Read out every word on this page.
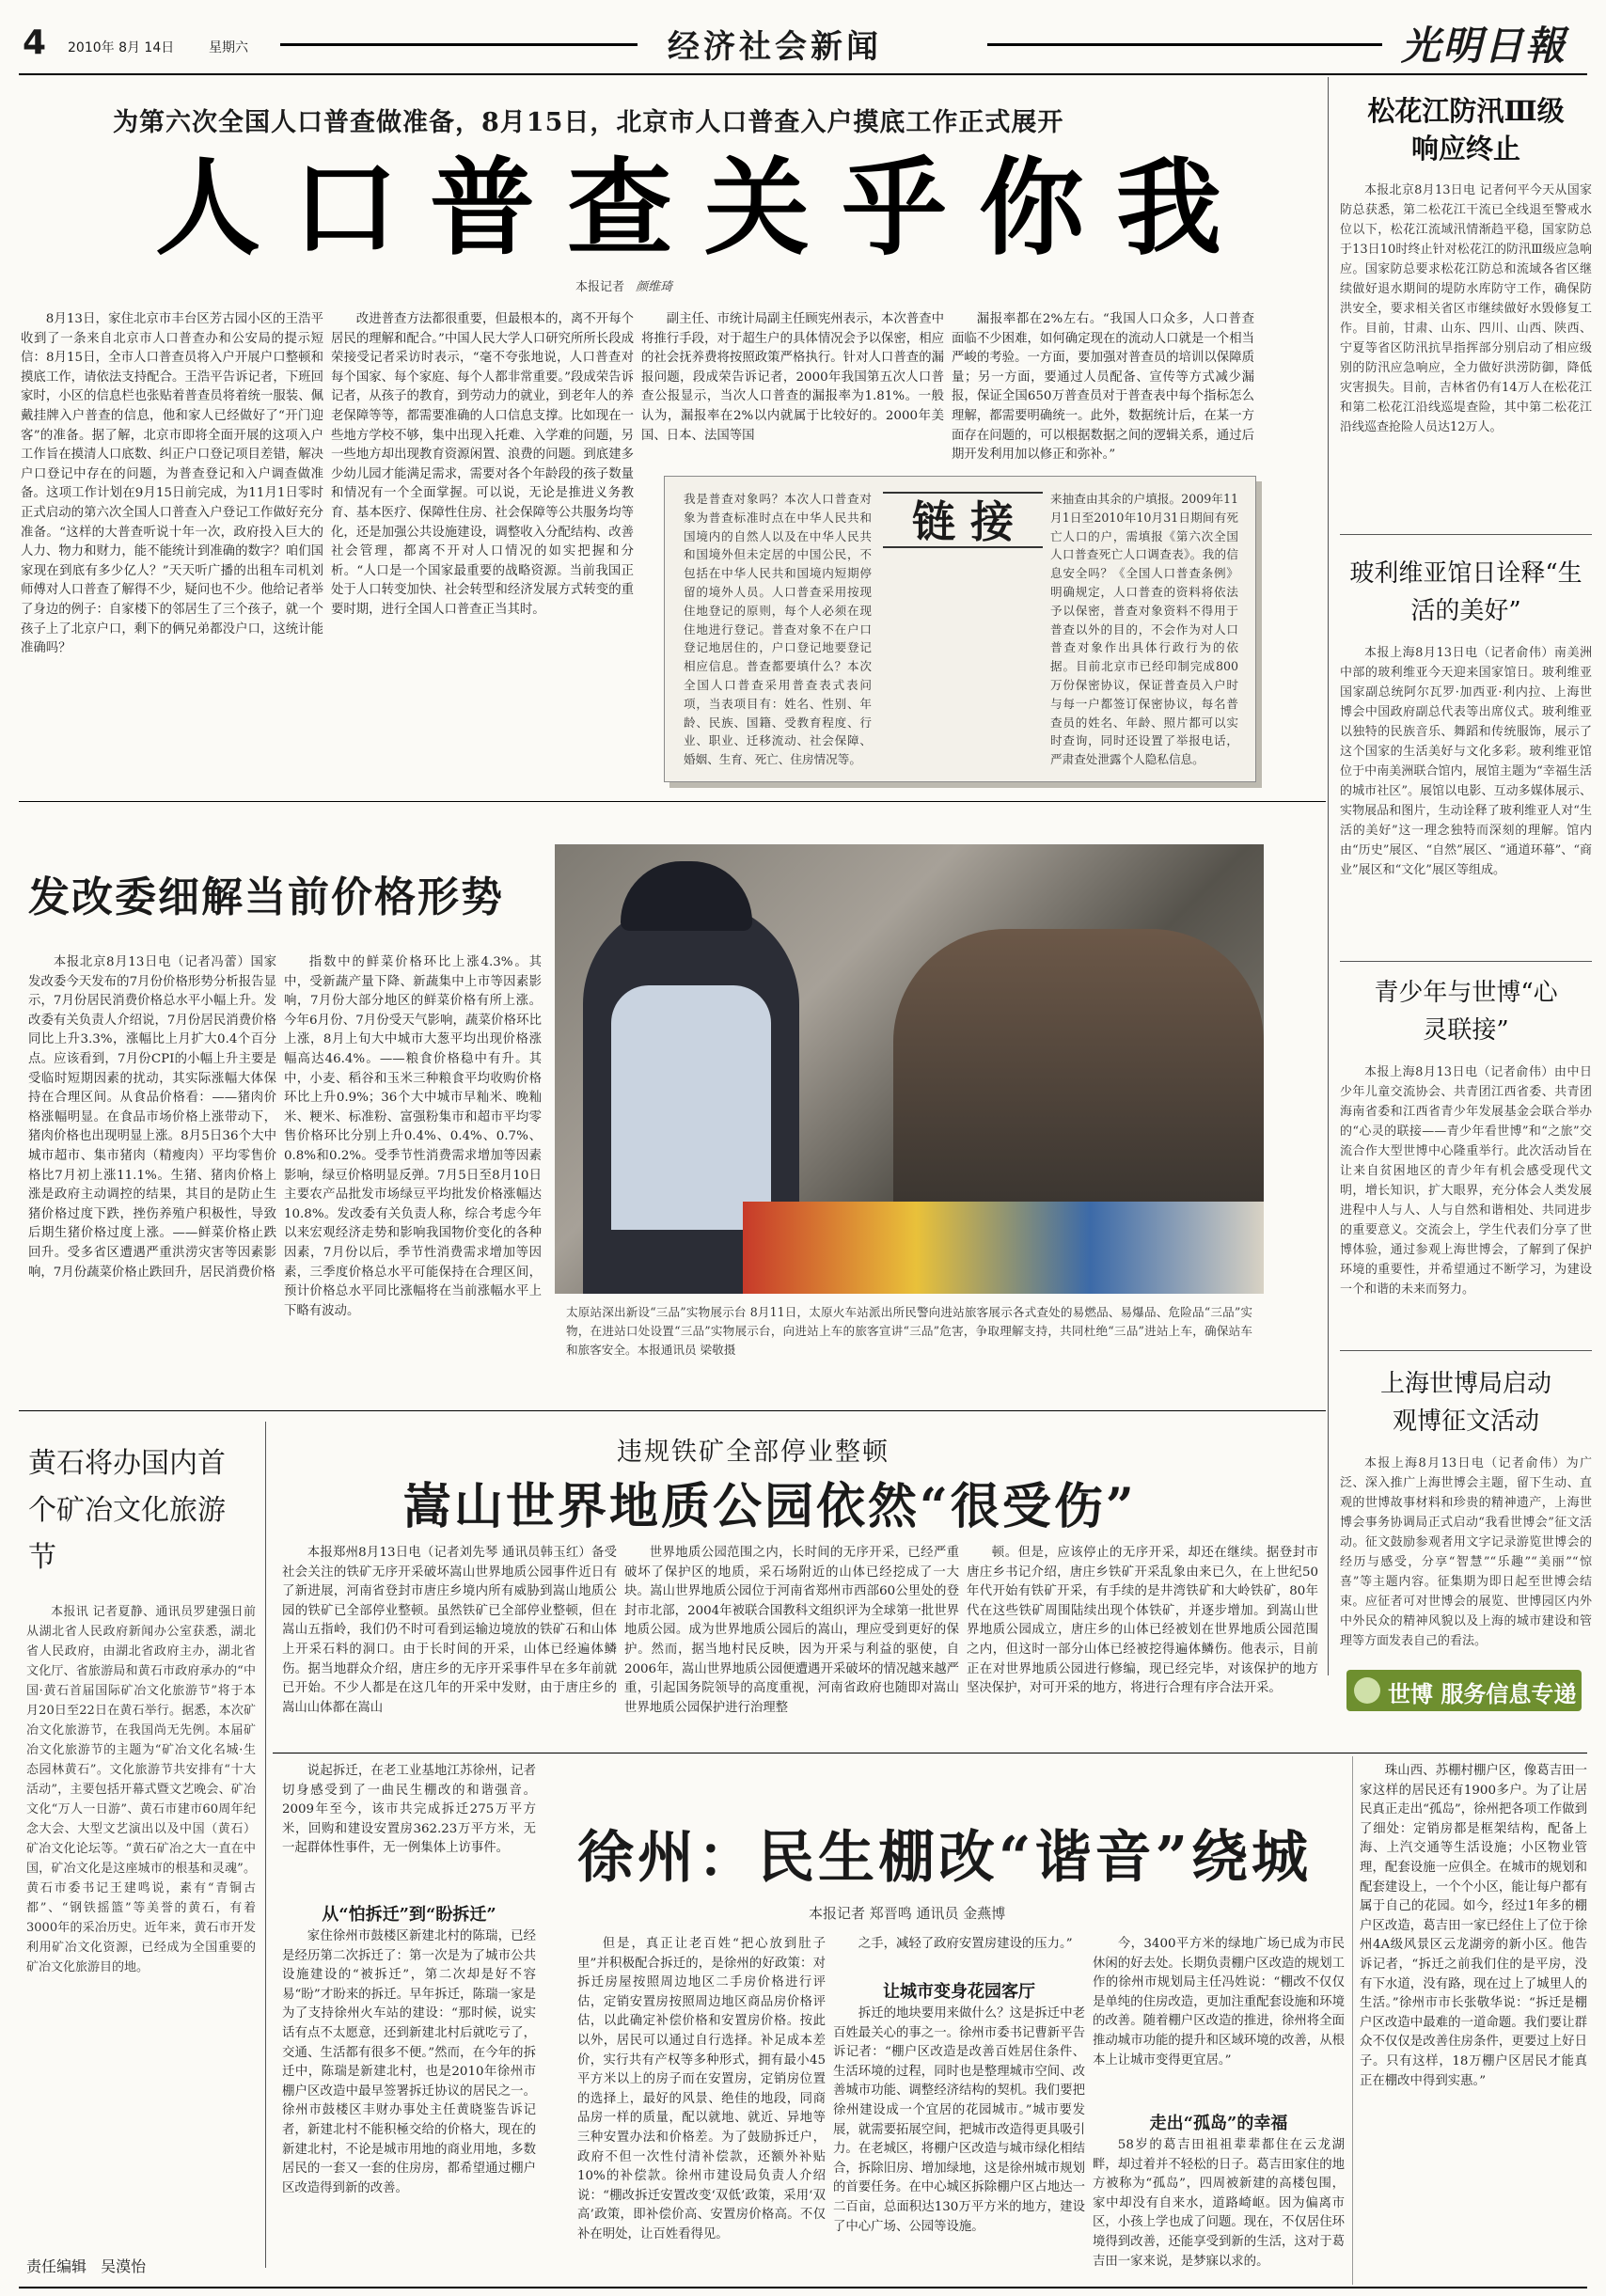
4 2010年 8月 14日	星期六	经济社会新闻	光明日報
为第六次全国人口普查做准备，8月15日，北京市人口普查入户摸底工作正式展开
人口普查关乎你我
本报记者 颜维琦
8月13日，家住北京市丰台区芳古园小区的王浩平收到了一条来自北京市人口普查办和公安局的提示短信：8月15日，全市人口普查员将入户开展户口整顿和摸底工作，请依法支持配合。王浩平告诉记者，下班回家时，小区的信息栏也张贴着普查员将着统一服装、佩戴挂牌入户普查的信息，他和家人已经做好了“开门迎客”的准备。据了解，北京市即将全面开展的这项入户工作旨在摸清人口底数、纠正户口登记项目差错，解决户口登记中存在的问题，为普查登记和入户调查做准备。这项工作计划在9月15日前完成，为11月1日零时正式启动的第六次全国人口普查入户登记工作做好充分准备。“这样的大普查听说十年一次，政府投入巨大的人力、物力和财力，能不能统计到准确的数字？咱们国家现在到底有多少亿人？”天天听广播的出租车司机刘师傅对人口普查了解得不少，疑问也不少。他给记者举了身边的例子：自家楼下的邻居生了三个孩子，就一个孩子上了北京户口，剩下的俩兄弟都没户口，这统计能准确吗？
改进普查方法都很重要，但最根本的，离不开每个居民的理解和配合。”中国人民大学人口研究所所长段成荣接受记者采访时表示，“毫不夸张地说，人口普查对每个国家、每个家庭、每个人都非常重要。”段成荣告诉记者，从孩子的教育，到劳动力的就业，到老年人的养老保障等等，都需要准确的人口信息支撑。比如现在一些地方学校不够，集中出现入托难、入学难的问题，另一些地方却出现教育资源闲置、浪费的问题。到底建多少幼儿园才能满足需求，需要对各个年龄段的孩子数量和情况有一个全面掌握。可以说，无论是推进义务教育、基本医疗、保障性住房、社会保障等公共服务均等化，还是加强公共设施建设，调整收入分配结构、改善社会管理，都离不开对人口情况的如实把握和分析。“人口是一个国家最重要的战略资源。当前我国正处于人口转变加快、社会转型和经济发展方式转变的重要时期，进行全国人口普查正当其时。
副主任、市统计局副主任顾宪州表示，本次普查中将推行手段，对于超生户的具体情况会予以保密，相应的社会抚养费将按照政策严格执行。针对人口普查的漏报问题，段成荣告诉记者，2000年我国第五次人口普查公报显示，当次人口普查的漏报率为1.81%。一般认为，漏报率在2%以内就属于比较好的。2000年美国、日本、法国等国
漏报率都在2%左右。“我国人口众多，人口普查面临不少困难，如何确定现在的流动人口就是一个相当严峻的考验。一方面，要加强对普查员的培训以保障质量；另一方面，要通过人员配备、宣传等方式减少漏报，保证全国650万普查员对于普查表中每个指标怎么理解，都需要明确统一。此外，数据统计后，在某一方面存在问题的，可以根据数据之间的逻辑关系，通过后期开发利用加以修正和弥补。”
链 接
我是普查对象吗？本次人口普查对象为普查标准时点在中华人民共和国境内的自然人以及在中华人民共和国境外但未定居的中国公民，不包括在中华人民共和国境内短期停留的境外人员。人口普查采用按现住地登记的原则，每个人必须在现住地进行登记。普查对象不在户口登记地居住的，户口登记地要登记相应信息。普查都要填什么？本次全国人口普查采用普查表式表问项，当表项目有：姓名、性别、年龄、民族、国籍、受教育程度、行业、职业、迁移流动、社会保障、婚姻、生育、死亡、住房情况等。
来抽查由其余的户填报。2009年11月1日至2010年10月31日期间有死亡人口的户，需填报《第六次全国人口普查死亡人口调查表》。我的信息安全吗？《全国人口普查条例》明确规定，人口普查的资料将依法予以保密，普查对象资料不得用于普查以外的目的，不会作为对人口普查对象作出具体行政行为的依据。目前北京市已经印制完成800万份保密协议，保证普查员入户时与每一户都签订保密协议，每名普查员的姓名、年龄、照片都可以实时查询，同时还设置了举报电话，严肃查处泄露个人隐私信息。
松花江防汛Ⅲ级响应终止
本报北京8月13日电 记者何平今天从国家防总获悉，第二松花江干流已全线退至警戒水位以下，松花江流域汛情渐趋平稳，国家防总于13日10时终止针对松花江的防汛Ⅲ级应急响应。国家防总要求松花江防总和流域各省区继续做好退水期间的堤防水库防守工作，确保防洪安全，要求相关省区市继续做好水毁修复工作。目前，甘肃、山东、四川、山西、陕西、宁夏等省区防汛抗旱指挥部分别启动了相应级别的防汛应急响应，全力做好洪涝防御，降低灾害损失。目前，吉林省仍有14万人在松花江和第二松花江沿线巡堤查险，其中第二松花江沿线巡查抢险人员达12万人。
玻利维亚馆日诠释“生活的美好”
本报上海8月13日电（记者俞伟）南美洲中部的玻利维亚今天迎来国家馆日。玻利维亚国家副总统阿尔瓦罗·加西亚·利内拉、上海世博会中国政府副总代表等出席仪式。玻利维亚以独特的民族音乐、舞蹈和传统服饰，展示了这个国家的生活美好与文化多彩。玻利维亚馆位于中南美洲联合馆内，展馆主题为“幸福生活的城市社区”。展馆以电影、互动多媒体展示、实物展品和图片，生动诠释了玻利维亚人对“生活的美好”这一理念独特而深刻的理解。馆内由“历史”展区、“自然”展区、“通道环幕”、“商业”展区和“文化”展区等组成。
青少年与世博“心灵联接”
本报上海8月13日电（记者俞伟）由中日少年儿童交流协会、共青团江西省委、共青团海南省委和江西省青少年发展基金会联合举办的“心灵的联接——青少年看世博”和“之旅”交流合作大型世博中心隆重举行。此次活动旨在让来自贫困地区的青少年有机会感受现代文明，增长知识，扩大眼界，充分体会人类发展进程中人与人、人与自然和谐相处、共同进步的重要意义。交流会上，学生代表们分享了世博体验，通过参观上海世博会，了解到了保护环境的重要性，并希望通过不断学习，为建设一个和谐的未来而努力。
上海世博局启动观博征文活动
本报上海8月13日电（记者俞伟）为广泛、深入推广上海世博会主题，留下生动、直观的世博故事材料和珍贵的精神遗产，上海世博会事务协调局正式启动“我看世博会”征文活动。征文鼓励参观者用文字记录游览世博会的经历与感受，分享“智慧”“乐趣”“美丽”“惊喜”等主题内容。征集期为即日起至世博会结束。应征者可对世博会的展览、世博园区内外中外民众的精神风貌以及上海的城市建设和管理等方面发表自己的看法。
世博 服务信息专递
发改委细解当前价格形势
本报北京8月13日电（记者冯蕾）国家发改委今天发布的7月份价格形势分析报告显示，7月份居民消费价格总水平小幅上升。发改委有关负责人介绍说，7月份居民消费价格同比上升3.3%，涨幅比上月扩大0.4个百分点。应该看到，7月份CPI的小幅上升主要是受临时短期因素的扰动，其实际涨幅大体保持在合理区间。从食品价格看：——猪肉价格涨幅明显。在食品市场价格上涨带动下，猪肉价格也出现明显上涨。8月5日36个大中城市超市、集市猪肉（精瘦肉）平均零售价格比7月初上涨11.1%。生猪、猪肉价格上涨是政府主动调控的结果，其目的是防止生猪价格过度下跌，挫伤养殖户积极性，导致后期生猪价格过度上涨。——鲜菜价格止跌回升。受多省区遭遇严重洪涝灾害等因素影响，7月份蔬菜价格止跌回升，居民消费价格
指数中的鲜菜价格环比上涨4.3%。其中，受新蔬产量下降、新蔬集中上市等因素影响，7月份大部分地区的鲜菜价格有所上涨。今年6月份、7月份受天气影响，蔬菜价格环比上涨，8月上旬大中城市大葱平均出现价格涨幅高达46.4%。——粮食价格稳中有升。其中，小麦、稻谷和玉米三种粮食平均收购价格环比上升0.9%；36个大中城市早籼米、晚籼米、粳米、标准粉、富强粉集市和超市平均零售价格环比分别上升0.4%、0.4%、0.7%、0.8%和0.2%。受季节性消费需求增加等因素影响，绿豆价格明显反弹。7月5日至8月10日主要农产品批发市场绿豆平均批发价格涨幅达10.8%。发改委有关负责人称，综合考虑今年以来宏观经济走势和影响我国物价变化的各种因素，7月份以后，季节性消费需求增加等因素，三季度价格总水平可能保持在合理区间，预计价格总水平同比涨幅将在当前涨幅水平上下略有波动。	太原站深出新设“三品”实物展示台 8月11日，太原火车站派出所民警向进站旅客展示各式查处的易燃品、易爆品、危险品“三品”实物，在进站口处设置“三品”实物展示台，向进站上车的旅客宣讲“三品”危害，争取理解支持，共同杜绝“三品”进站上车，确保站车和旅客安全。本报通讯员 梁敬摄
黄石将办国内首个矿冶文化旅游节
本报讯 记者夏静、通讯员罗建强日前从湖北省人民政府新闻办公室获悉，湖北省人民政府，由湖北省政府主办，湖北省文化厅、省旅游局和黄石市政府承办的“中国·黄石首届国际矿冶文化旅游节”将于本月20日至22日在黄石举行。据悉，本次矿冶文化旅游节，在我国尚无先例。本届矿冶文化旅游节的主题为“矿冶文化名城·生态园林黄石”。文化旅游节共安排有“十大活动”，主要包括开幕式暨文艺晚会、矿冶文化“万人一日游”、黄石市建市60周年纪念大会、大型文艺演出以及中国（黄石）矿冶文化论坛等。“黄石矿冶之大一直在中国，矿冶文化是这座城市的根基和灵魂”。黄石市委书记王建鸣说，素有“青铜古都”、“钢铁摇篮”等美誉的黄石，有着3000年的采冶历史。近年来，黄石市开发利用矿冶文化资源，已经成为全国重要的矿冶文化旅游目的地。
违规铁矿全部停业整顿
嵩山世界地质公园依然“很受伤”
本报郑州8月13日电（记者刘先琴 通讯员韩玉红）备受社会关注的铁矿无序开采破坏嵩山世界地质公园事件近日有了新进展，河南省登封市唐庄乡境内所有威胁到嵩山地质公园的铁矿已全部停业整顿。虽然铁矿已全部停业整顿，但在嵩山五指岭，我们仍不时可看到运输边境放的铁矿石和山体上开采石料的洞口。由于长时间的开采，山体已经遍体鳞伤。据当地群众介绍，唐庄乡的无序开采事件早在多年前就已开始。不少人都是在这几年的开采中发财，由于唐庄乡的嵩山山体都在嵩山
世界地质公园范围之内，长时间的无序开采，已经严重破坏了保护区的地质，采石场附近的山体已经挖成了一大块。嵩山世界地质公园位于河南省郑州市西部60公里处的登封市北部，2004年被联合国教科文组织评为全球第一批世界地质公园。成为世界地质公园后的嵩山，理应受到更好的保护。然而，据当地村民反映，因为开采与利益的驱使，自2006年，嵩山世界地质公园便遭遇开采破坏的情况越来越严重，引起国务院领导的高度重视，河南省政府也随即对嵩山世界地质公园保护进行治理整
顿。但是，应该停止的无序开采，却还在继续。据登封市唐庄乡书记介绍，唐庄乡铁矿开采乱象由来已久，在上世纪50年代开始有铁矿开采，有手续的是井湾铁矿和大岭铁矿，80年代在这些铁矿周围陆续出现个体铁矿，并逐步增加。到嵩山世界地质公园成立，唐庄乡的山体已经被划在世界地质公园范围之内，但这时一部分山体已经被挖得遍体鳞伤。他表示，目前正在对世界地质公园进行修编，现已经完毕，对该保护的地方坚决保护，对可开采的地方，将进行合理有序合法开采。
说起拆迁，在老工业基地江苏徐州，记者切身感受到了一曲民生棚改的和谐强音。2009年至今，该市共完成拆迁275万平方米，回购和建设安置房362.23万平方米，无一起群体性事件，无一例集体上访事件。	徐州：民生棚改“谐音”绕城
本报记者 郑晋鸣 通讯员 金燕博
从“怕拆迁”到“盼拆迁”
家住徐州市鼓楼区新建北村的陈瑞，已经是经历第二次拆迁了：第一次是为了城市公共设施建设的“被拆迁”，第二次却是好不容易“盼”才盼来的拆迁。早年拆迁，陈瑞一家是为了支持徐州火车站的建设：“那时候，说实话有点不太愿意，还到新建北村后就吃亏了，交通、生活都有很多不便。”然而，在今年的拆迁中，陈瑞是新建北村，也是2010年徐州市棚户区改造中最早签署拆迁协议的居民之一。徐州市鼓楼区丰财办事处主任黄晓鉴告诉记者，新建北村不能积極交给的价格大，现在的新建北村，不论是城市用地的商业用地，多数居民的一套又一套的住房房，都希望通过棚户区改造得到新的改善。
但是，真正让老百姓“把心放到肚子里”并积极配合拆迁的，是徐州的好政策：对拆迁房屋按照周边地区二手房价格进行评估，定销安置房按照周边地区商品房价格评估，以此确定补偿价格和安置房价格。按此以外，居民可以通过自行选择。补足成本差价，实行共有产权等多种形式，拥有最小45平方米以上的房子而在安置房，定销房位置的选择上，最好的风景、绝佳的地段，同商品房一样的质量，配以就地、就近、异地等三种安置办法和价格差。为了鼓励拆迁户，政府不但一次性付清补偿款，还额外补贴10%的补偿款。徐州市建设局负责人介绍说：“棚改拆迁安置改变‘双低’政策，采用‘双高’政策，即补偿价高、安置房价格高。不仅补在明处，让百姓看得见。
之手，减轻了政府安置房建设的压力。”
让城市变身花园客厅
拆迁的地块要用来做什么？这是拆迁中老百姓最关心的事之一。徐州市委书记曹新平告诉记者：“棚户区改造是改善百姓居住条件、生活环境的过程，同时也是整理城市空间、改善城市功能、调整经济结构的契机。我们要把徐州建设成一个宜居的花园城市。”城市要发展，就需要拓展空间，把城市改造得更具吸引力。在老城区，将棚户区改造与城市绿化相结合，拆除旧房、增加绿地，这是徐州城市规划的首要任务。在中心城区拆除棚户区占地达一二百亩，总面积达130万平方米的地方，建设了中心广场、公园等设施。
今，3400平方米的绿地广场已成为市民休闲的好去处。长期负责棚户区改造的规划工作的徐州市规划局主任冯姓说：“棚改不仅仅是单纯的住房改造，更加注重配套设施和环境的改善。随着棚户区改造的推进，徐州将全面推动城市功能的提升和区域环境的改善，从根本上让城市变得更宜居。”
走出“孤岛”的幸福
58岁的葛吉田祖祖辈辈都住在云龙湖畔，却过着并不轻松的日子。葛吉田家住的地方被称为“孤岛”，四周被新建的高楼包围，家中却没有自来水，道路崎岖。因为偏离市区，小孩上学也成了问题。现在，不仅居住环境得到改善，还能享受到新的生活，这对于葛吉田一家来说，是梦寐以求的。
珠山西、苏棚村棚户区，像葛吉田一家这样的居民还有1900多户。为了让居民真正走出“孤岛”，徐州把各项工作做到了细处：定销房都是框架结构，配备上海、上汽交通等生活设施；小区物业管理，配套设施一应俱全。在城市的规划和配套建设上，一个个小区，能让每户都有属于自己的花园。如今，经过1年多的棚户区改造，葛吉田一家已经住上了位于徐州4A级风景区云龙湖旁的新小区。他告诉记者，“拆迁之前我们住的是平房，没有下水道，没有路，现在过上了城里人的生活。”徐州市市长张敬华说：“拆迁是棚户区改造中最难的一道命题。我们要让群众不仅仅是改善住房条件，更要过上好日子。只有这样，18万棚户区居民才能真正在棚改中得到实惠。”
责任编辑 吴漠怡
